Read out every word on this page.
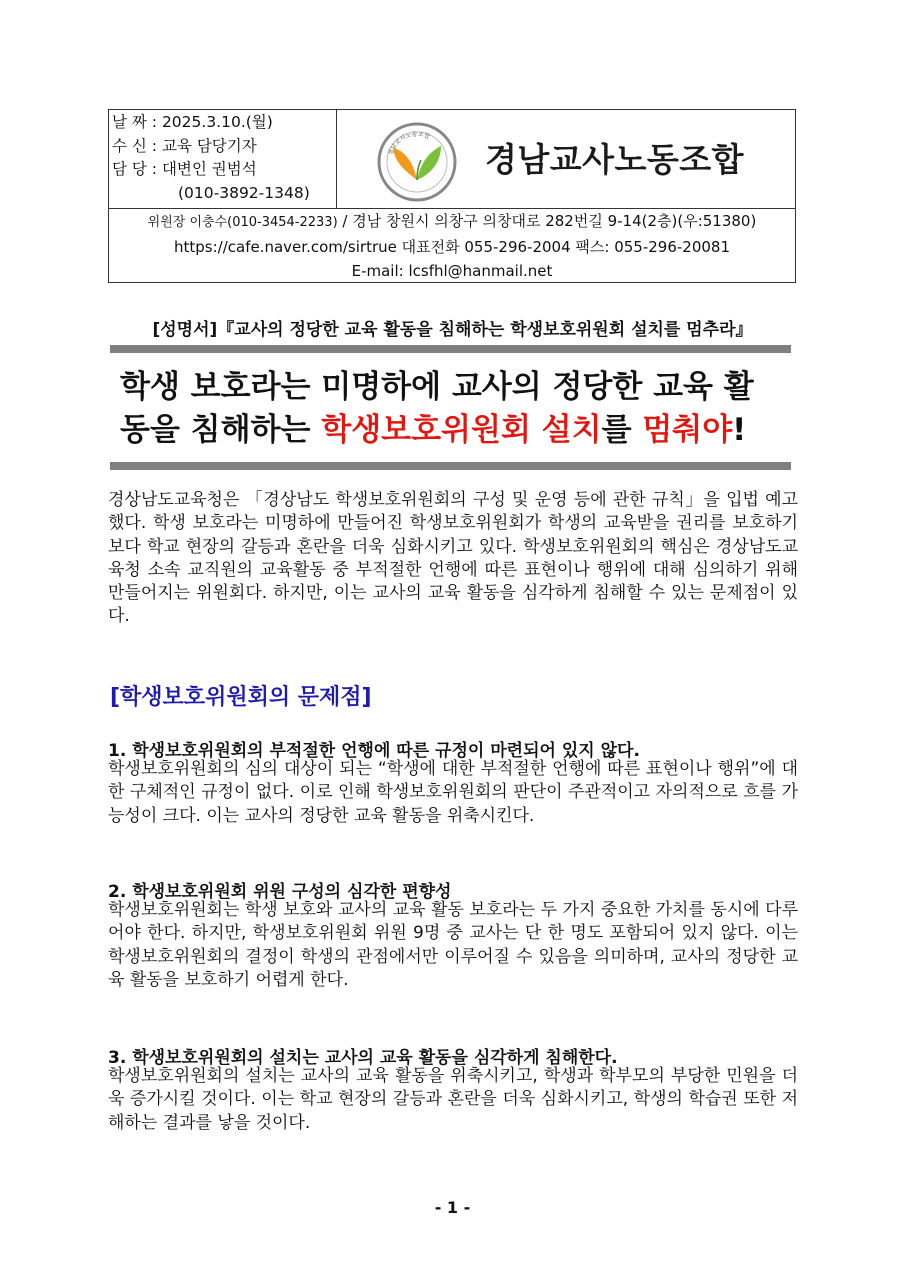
날 짜 : 2025.3.10.(월)
수 신 : 교육 담당기자
담 당 : 대변인 권범석
(010-3892-1348)
경남교사노동조합
경남교사노동조합
위원장 이충수(010-3454-2233) / 경남 창원시 의창구 의창대로 282번길 9-14(2층)(우:51380)
https://cafe.naver.com/sirtrue 대표전화 055-296-2004 팩스: 055-296-20081
E-mail: lcsfhl@hanmail.net
[성명서]『교사의 정당한 교육 활동을 침해하는 학생보호위원회 설치를 멈추라』
학생 보호라는 미명하에 교사의 정당한 교육 활
동을 침해하는 학생보호위원회 설치를 멈춰야!
경상남도교육청은 「경상남도 학생보호위원회의 구성 및 운영 등에 관한 규칙」을 입법 예고했다. 학생 보호라는 미명하에 만들어진 학생보호위원회가 학생의 교육받을 권리를 보호하기보다 학교 현장의 갈등과 혼란을 더욱 심화시키고 있다. 학생보호위원회의 핵심은 경상남도교육청 소속 교직원의 교육활동 중 부적절한 언행에 따른 표현이나 행위에 대해 심의하기 위해 만들어지는 위원회다. 하지만, 이는 교사의 교육 활동을 심각하게 침해할 수 있는 문제점이 있다.
[학생보호위원회의 문제점]
1. 학생보호위원회의 부적절한 언행에 따른 규정이 마련되어 있지 않다.
학생보호위원회의 심의 대상이 되는 “학생에 대한 부적절한 언행에 따른 표현이나 행위”에 대한 구체적인 규정이 없다. 이로 인해 학생보호위원회의 판단이 주관적이고 자의적으로 흐를 가능성이 크다. 이는 교사의 정당한 교육 활동을 위축시킨다.
2. 학생보호위원회 위원 구성의 심각한 편향성
학생보호위원회는 학생 보호와 교사의 교육 활동 보호라는 두 가지 중요한 가치를 동시에 다루어야 한다. 하지만, 학생보호위원회 위원 9명 중 교사는 단 한 명도 포함되어 있지 않다. 이는 학생보호위원회의 결정이 학생의 관점에서만 이루어질 수 있음을 의미하며, 교사의 정당한 교육 활동을 보호하기 어렵게 한다.
3. 학생보호위원회의 설치는 교사의 교육 활동을 심각하게 침해한다.
학생보호위원회의 설치는 교사의 교육 활동을 위축시키고, 학생과 학부모의 부당한 민원을 더욱 증가시킬 것이다. 이는 학교 현장의 갈등과 혼란을 더욱 심화시키고, 학생의 학습권 또한 저해하는 결과를 낳을 것이다.
- 1 -
